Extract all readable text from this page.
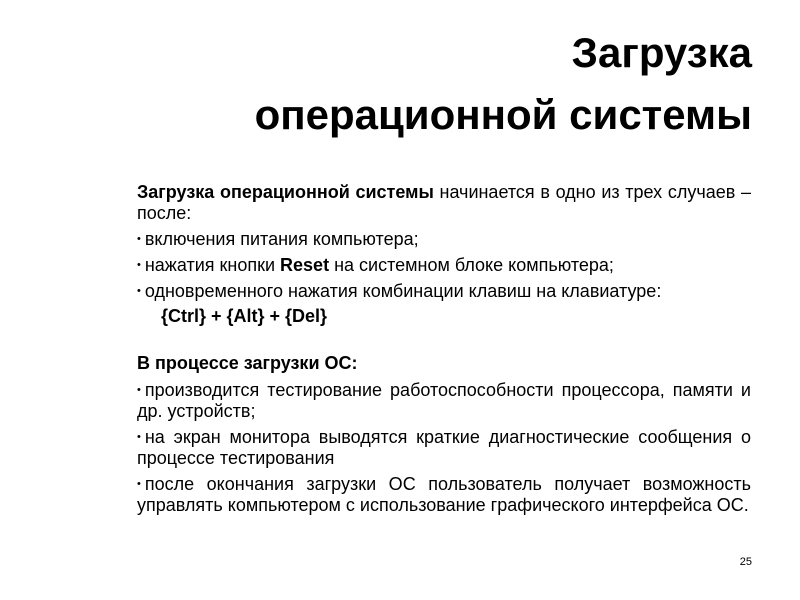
Загрузка
операционной системы

Загрузка операционной системы начинается в одно из трех случаев – после:

• включения питания компьютера;
• нажатия кнопки Reset на системном блоке компьютера;
• одновременного нажатия комбинации клавиш на клавиатуре:
{Ctrl} + {Alt} + {Del}
В процессе загрузки ОС:
• производится тестирование работоспособности процессора, памяти и др. устройств;
• на экран монитора выводятся краткие диагностические сообщения о процессе тестирования
• после окончания загрузки ОС пользователь получает возможность управлять компьютером с использование графического интерфейса ОС.
25
